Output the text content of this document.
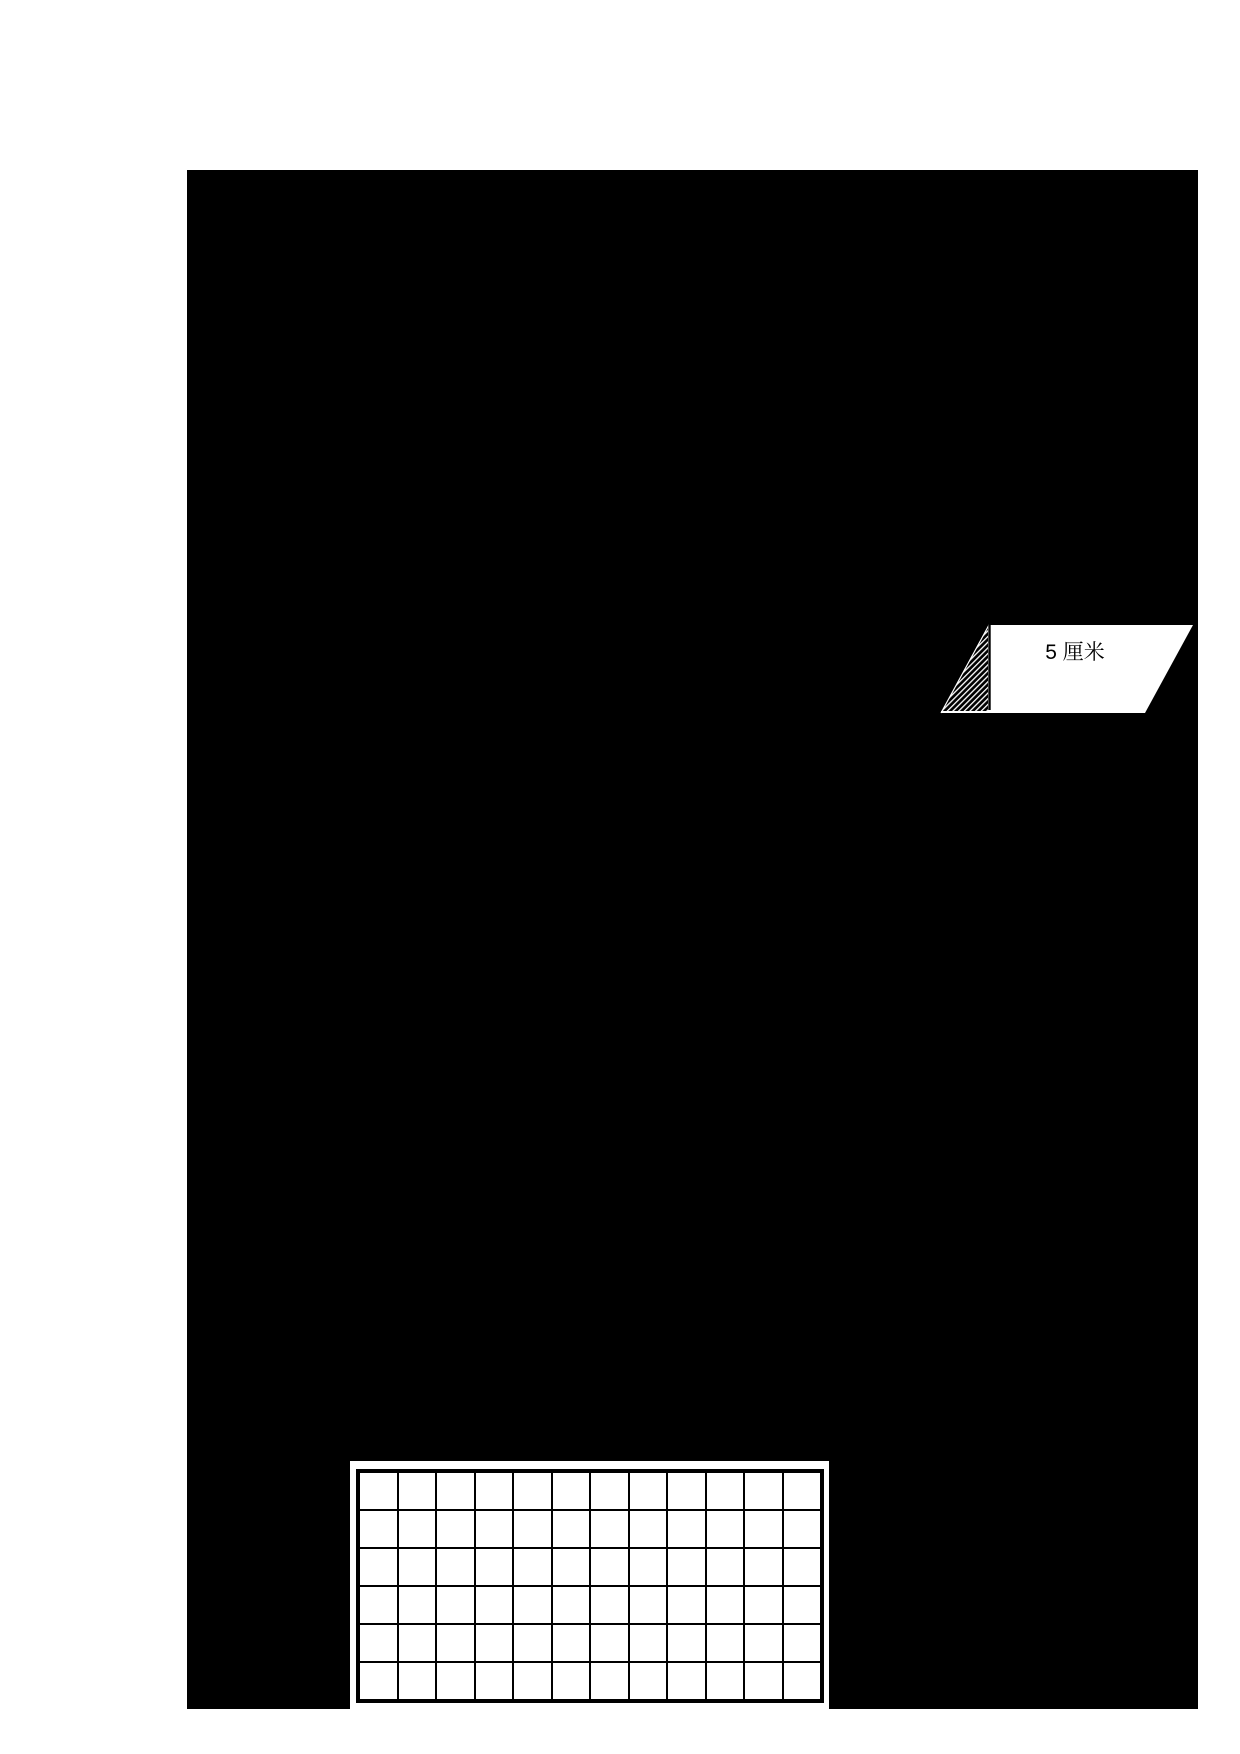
5 厘米
